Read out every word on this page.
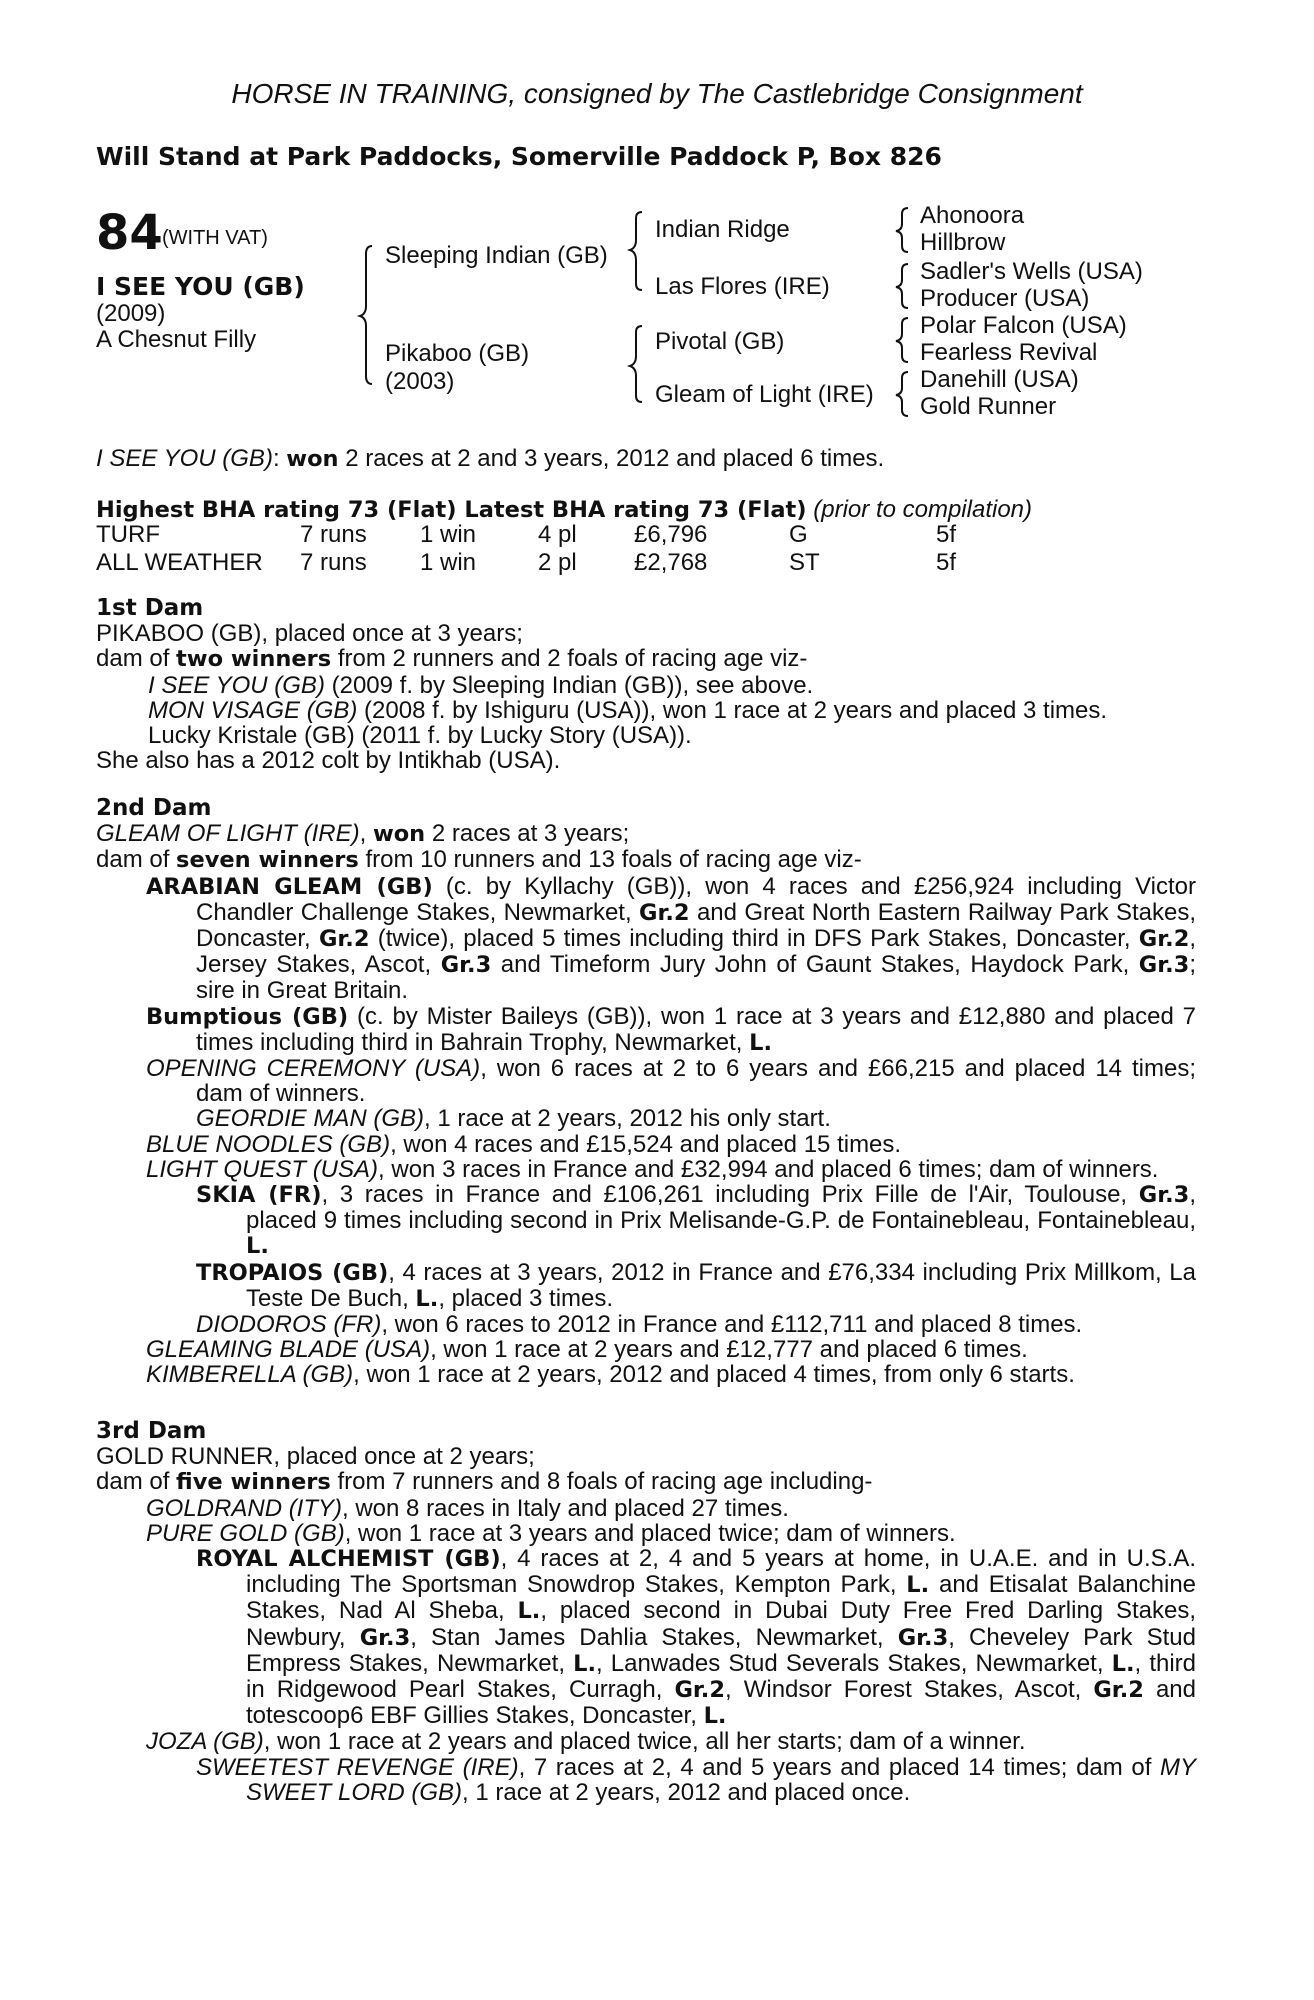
HORSE IN TRAINING, consigned by The Castlebridge Consignment
Will Stand at Park Paddocks, Somerville Paddock P, Box 826
84 (WITH VAT)
I SEE YOU (GB)
(2009)
A Chesnut Filly
Sleeping Indian (GB)
Pikaboo (GB)
(2003)
Indian Ridge
Las Flores (IRE)
Pivotal (GB)
Gleam of Light (IRE)
Ahonoora
Hillbrow
Sadler's Wells (USA)
Producer (USA)
Polar Falcon (USA)
Fearless Revival
Danehill (USA)
Gold Runner
I SEE YOU (GB): won 2 races at 2 and 3 years, 2012 and placed 6 times.
Highest BHA rating 73 (Flat) Latest BHA rating 73 (Flat) (prior to compilation)
TURF	7 runs	1 win	4 pl	£6,796	G	5f
ALL WEATHER	7 runs	1 win	2 pl	£2,768	ST	5f

1st Dam

PIKABOO (GB), placed once at 3 years;

dam of two winners from 2 runners and 2 foals of racing age viz-

I SEE YOU (GB) (2009 f. by Sleeping Indian (GB)), see above.

MON VISAGE (GB) (2008 f. by Ishiguru (USA)), won 1 race at 2 years and placed 3 times.

Lucky Kristale (GB) (2011 f. by Lucky Story (USA)).

She also has a 2012 colt by Intikhab (USA).

2nd Dam

GLEAM OF LIGHT (IRE), won 2 races at 3 years;

dam of seven winners from 10 runners and 13 foals of racing age viz-

ARABIAN GLEAM (GB) (c. by Kyllachy (GB)), won 4 races and £256,924 including Victor Chandler Challenge Stakes, Newmarket, Gr.2 and Great North Eastern Railway Park Stakes, Doncaster, Gr.2 (twice), placed 5 times including third in DFS Park Stakes, Doncaster, Gr.2, Jersey Stakes, Ascot, Gr.3 and Timeform Jury John of Gaunt Stakes, Haydock Park, Gr.3; sire in Great Britain.

Bumptious (GB) (c. by Mister Baileys (GB)), won 1 race at 3 years and £12,880 and placed 7 times including third in Bahrain Trophy, Newmarket, L.

OPENING CEREMONY (USA), won 6 races at 2 to 6 years and £66,215 and placed 14 times; dam of winners.

GEORDIE MAN (GB), 1 race at 2 years, 2012 his only start.

BLUE NOODLES (GB), won 4 races and £15,524 and placed 15 times.

LIGHT QUEST (USA), won 3 races in France and £32,994 and placed 6 times; dam of winners.

SKIA (FR), 3 races in France and £106,261 including Prix Fille de l'Air, Toulouse, Gr.3, placed 9 times including second in Prix Melisande-G.P. de Fontainebleau, Fontainebleau, L.

TROPAIOS (GB), 4 races at 3 years, 2012 in France and £76,334 including Prix Millkom, La Teste De Buch, L., placed 3 times.

DIODOROS (FR), won 6 races to 2012 in France and £112,711 and placed 8 times.

GLEAMING BLADE (USA), won 1 race at 2 years and £12,777 and placed 6 times.

KIMBERELLA (GB), won 1 race at 2 years, 2012 and placed 4 times, from only 6 starts.

3rd Dam

GOLD RUNNER, placed once at 2 years;

dam of five winners from 7 runners and 8 foals of racing age including-

GOLDRAND (ITY), won 8 races in Italy and placed 27 times.

PURE GOLD (GB), won 1 race at 3 years and placed twice; dam of winners.

ROYAL ALCHEMIST (GB), 4 races at 2, 4 and 5 years at home, in U.A.E. and in U.S.A. including The Sportsman Snowdrop Stakes, Kempton Park, L. and Etisalat Balanchine Stakes, Nad Al Sheba, L., placed second in Dubai Duty Free Fred Darling Stakes, Newbury, Gr.3, Stan James Dahlia Stakes, Newmarket, Gr.3, Cheveley Park Stud Empress Stakes, Newmarket, L., Lanwades Stud Severals Stakes, Newmarket, L., third in Ridgewood Pearl Stakes, Curragh, Gr.2, Windsor Forest Stakes, Ascot, Gr.2 and totescoop6 EBF Gillies Stakes, Doncaster, L.

JOZA (GB), won 1 race at 2 years and placed twice, all her starts; dam of a winner.

SWEETEST REVENGE (IRE), 7 races at 2, 4 and 5 years and placed 14 times; dam of MY SWEET LORD (GB), 1 race at 2 years, 2012 and placed once.
